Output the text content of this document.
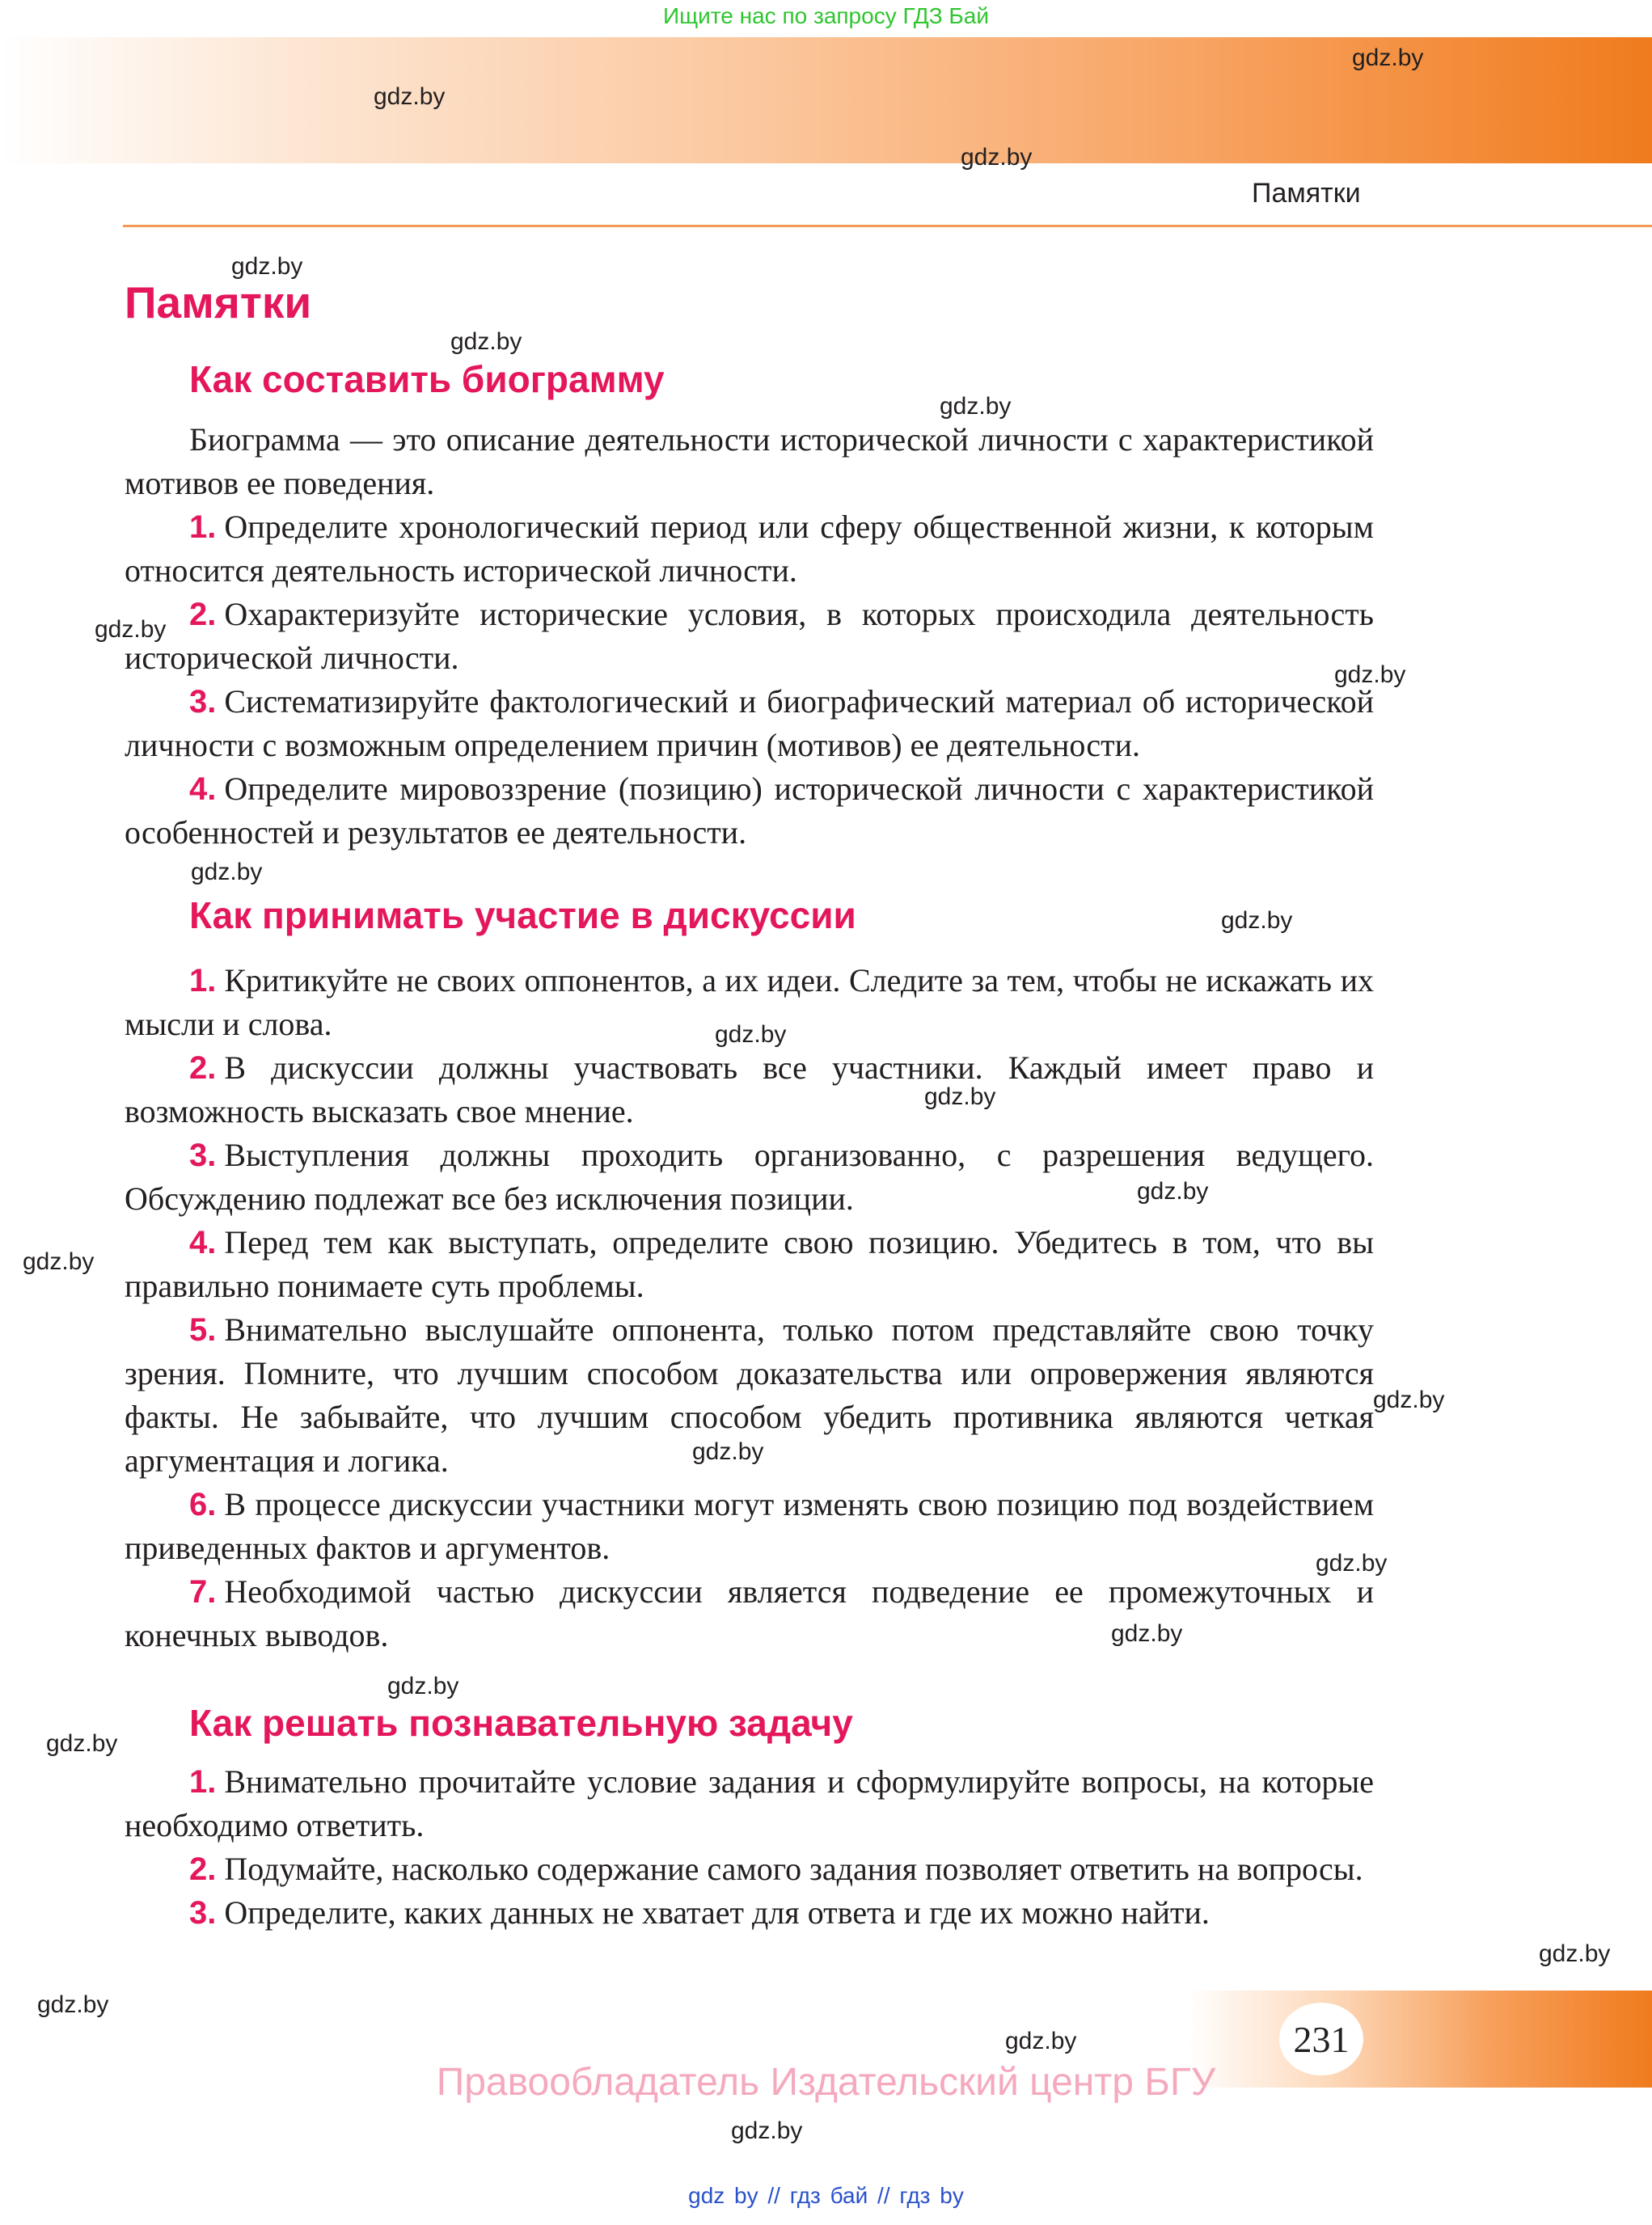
Ищите нас по запросу ГДЗ Бай
Памятки
Памятки
Как составить биограмму

Биограмма — это описание деятельности исторической личности с характеристикой мотивов ее поведения.

1. Определите хронологический период или сферу общественной жизни, к которым относится деятельность исторической личности.

2. Охарактеризуйте исторические условия, в которых происходила деятельность исторической личности.

3. Систематизируйте фактологический и биографический материал об исторической личности с возможным определением причин (мотивов) ее деятельности.

4. Определите мировоззрение (позицию) исторической личности с характеристикой особенностей и результатов ее деятельности.

Как принимать участие в дискуссии

1. Критикуйте не своих оппонентов, а их идеи. Следите за тем, чтобы не искажать их мысли и слова.

2. В дискуссии должны участвовать все участники. Каждый имеет право и возможность высказать свое мнение.

3. Выступления должны проходить организованно, с разрешения ведущего. Обсуждению подлежат все без исключения позиции.

4. Перед тем как выступать, определите свою позицию. Убедитесь в том, что вы правильно понимаете суть проблемы.

5. Внимательно выслушайте оппонента, только потом представляйте свою точку зрения. Помните, что лучшим способом доказательства или опровержения являются факты. Не забывайте, что лучшим способом убедить противника являются четкая аргументация и логика.

6. В процессе дискуссии участники могут изменять свою позицию под воздействием приведенных фактов и аргументов.

7. Необходимой частью дискуссии является подведение ее промежуточных и конечных выводов.

Как решать познавательную задачу

1. Внимательно прочитайте условие задания и сформулируйте вопросы, на которые необходимо ответить.

2. Подумайте, насколько содержание самого задания позволяет ответить на вопросы.

3. Определите, каких данных не хватает для ответа и где их можно найти.

231
Правообладатель Издательский центр БГУ
gdz by // гдз бай // гдз by
gdz.by
gdz.by
gdz.by
gdz.by
gdz.by
gdz.by
gdz.by
gdz.by
gdz.by
gdz.by
gdz.by
gdz.by
gdz.by
gdz.by
gdz.by
gdz.by
gdz.by
gdz.by
gdz.by
gdz.by
gdz.by
gdz.by
gdz.by
gdz.by
